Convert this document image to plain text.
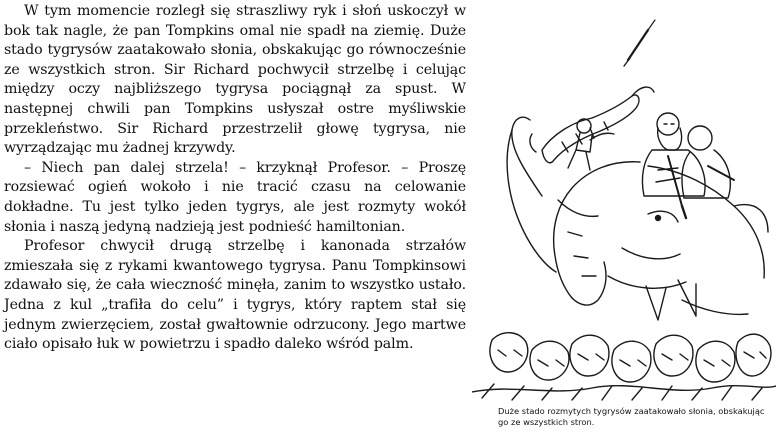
W tym momencie rozległ się straszliwy ryk i słoń uskoczył w bok tak nagle, że pan Tompkins omal nie spadł na ziemię. Duże stado tygrysów zaatakowało słonia, obskakując go równocześnie ze wszystkich stron. Sir Richard pochwycił strzelbę i celując między oczy najbliższego tygrysa pociągnął za spust. W następnej chwili pan Tompkins usłyszał ostre myśliwskie przekleństwo. Sir Richard przestrzelił głowę tygrysa, nie wyrządzając mu żadnej krzywdy.

– Niech pan dalej strzela! – krzyknął Profesor. – Proszę rozsiewać ogień wokoło i nie tracić czasu na celowanie dokładne. Tu jest tylko jeden tygrys, ale jest rozmyty wokół słonia i naszą jedyną nadzieją jest podnieść hamiltonian.

Profesor chwycił drugą strzelbę i kanonada strzałów zmieszała się z rykami kwantowego tygrysa. Panu Tompkinsowi zdawało się, że cała wieczność minęła, zanim to wszystko ustało. Jedna z kul „trafiła do celu” i tygrys, który raptem stał się jednym zwierzęciem, został gwałtownie odrzucony. Jego martwe ciało opisało łuk w powietrzu i spadło daleko wśród palm.

Duże stado rozmytych tygrysów zaatakowało słonia, obskakując go ze wszystkich stron.
